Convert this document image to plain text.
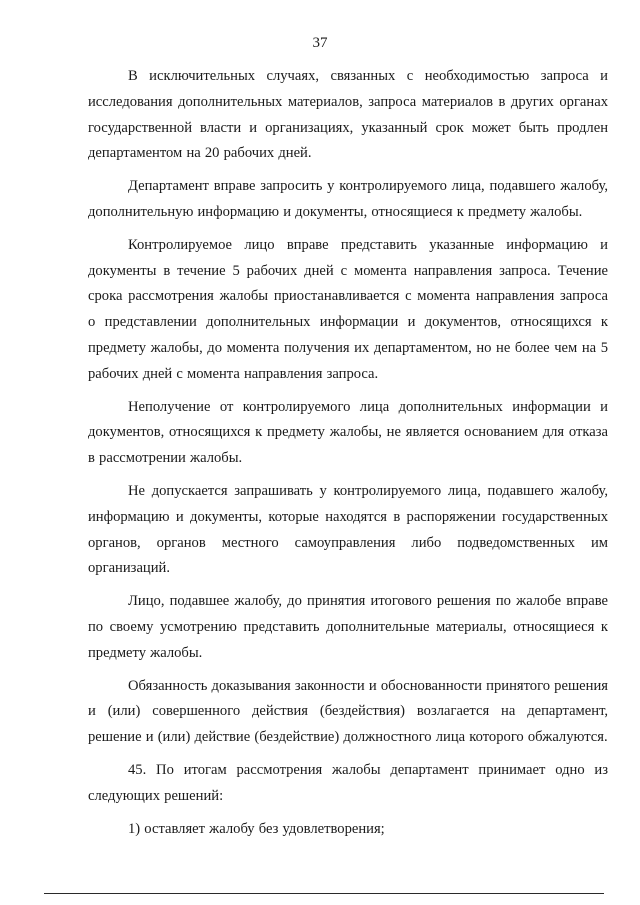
37

В исключительных случаях, связанных с необходимостью запроса и исследования дополнительных материалов, запроса материалов в других органах государственной власти и организациях, указанный срок может быть продлен департаментом на 20 рабочих дней.

Департамент вправе запросить у контролируемого лица, подавшего жалобу, дополнительную информацию и документы, относящиеся к предмету жалобы.

Контролируемое лицо вправе представить указанные информацию и документы в течение 5 рабочих дней с момента направления запроса. Течение срока рассмотрения жалобы приостанавливается с момента направления запроса о представлении дополнительных информации и документов, относящихся к предмету жалобы, до момента получения их департаментом, но не более чем на 5 рабочих дней с момента направления запроса.

Неполучение от контролируемого лица дополнительных информации и документов, относящихся к предмету жалобы, не является основанием для отказа в рассмотрении жалобы.

Не допускается запрашивать у контролируемого лица, подавшего жалобу, информацию и документы, которые находятся в распоряжении государственных органов, органов местного самоуправления либо подведомственных им организаций.

Лицо, подавшее жалобу, до принятия итогового решения по жалобе вправе по своему усмотрению представить дополнительные материалы, относящиеся к предмету жалобы.

Обязанность доказывания законности и обоснованности принятого решения и (или) совершенного действия (бездействия) возлагается на департамент, решение и (или) действие (бездействие) должностного лица которого обжалуются.

45. По итогам рассмотрения жалобы департамент принимает одно из следующих решений:

1) оставляет жалобу без удовлетворения;
